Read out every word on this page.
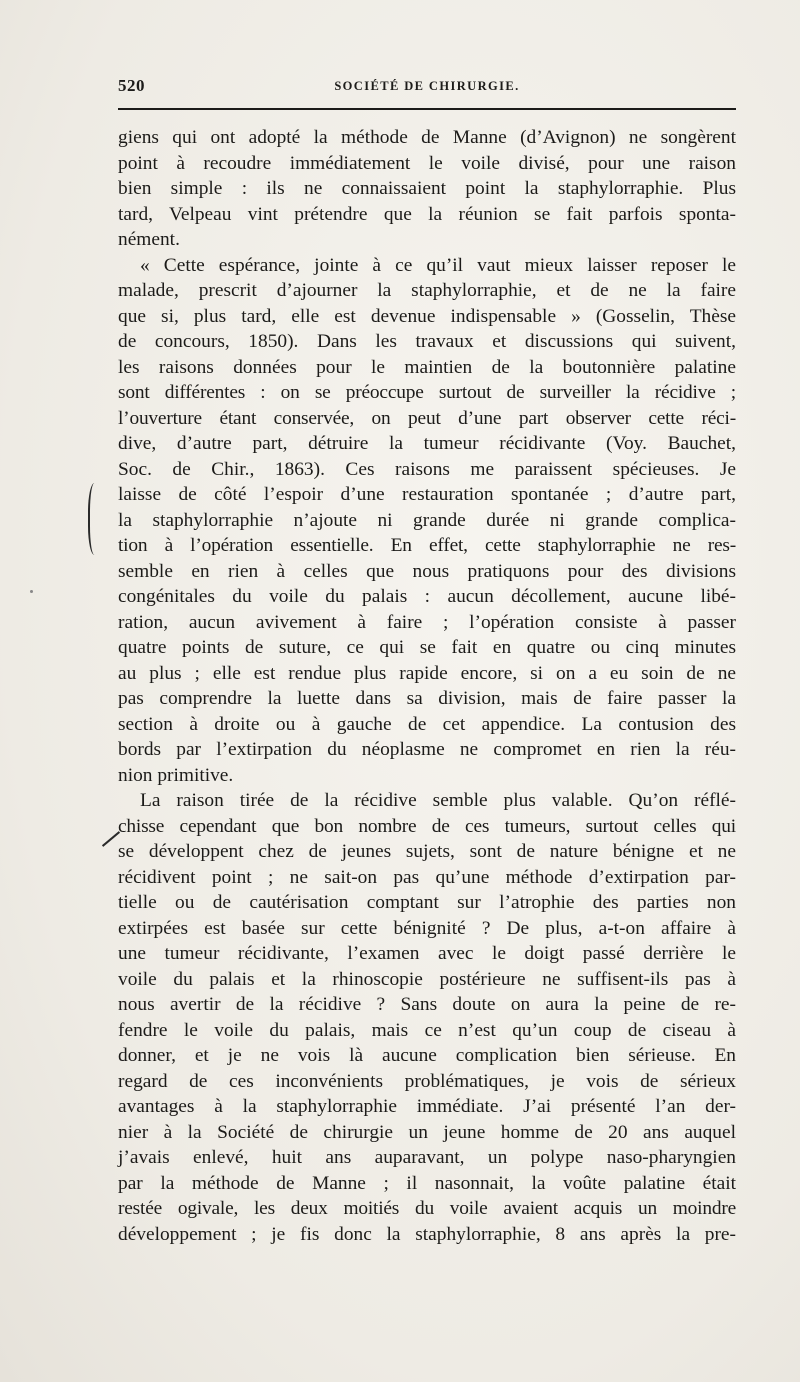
520	SOCIÉTÉ DE CHIRURGIE.
giens qui ont adopté la méthode de Manne (d’Avignon) ne songèrent
point à recoudre immédiatement le voile divisé, pour une raison
bien simple : ils ne connaissaient point la staphylorraphie. Plus
tard, Velpeau vint prétendre que la réunion se fait parfois sponta-
nément.
« Cette espérance, jointe à ce qu’il vaut mieux laisser reposer le
malade, prescrit d’ajourner la staphylorraphie, et de ne la faire
que si, plus tard, elle est devenue indispensable » (Gosselin, Thèse
de concours, 1850). Dans les travaux et discussions qui suivent,
les raisons données pour le maintien de la boutonnière palatine
sont différentes : on se préoccupe surtout de surveiller la récidive ;
l’ouverture étant conservée, on peut d’une part observer cette réci-
dive, d’autre part, détruire la tumeur récidivante (Voy. Bauchet,
Soc. de Chir., 1863). Ces raisons me paraissent spécieuses. Je
laisse de côté l’espoir d’une restauration spontanée ; d’autre part,
la staphylorraphie n’ajoute ni grande durée ni grande complica-
tion à l’opération essentielle. En effet, cette staphylorraphie ne res-
semble en rien à celles que nous pratiquons pour des divisions
congénitales du voile du palais : aucun décollement, aucune libé-
ration, aucun avivement à faire ; l’opération consiste à passer
quatre points de suture, ce qui se fait en quatre ou cinq minutes
au plus ; elle est rendue plus rapide encore, si on a eu soin de ne
pas comprendre la luette dans sa division, mais de faire passer la
section à droite ou à gauche de cet appendice. La contusion des
bords par l’extirpation du néoplasme ne compromet en rien la réu-
nion primitive.
La raison tirée de la récidive semble plus valable. Qu’on réflé-
chisse cependant que bon nombre de ces tumeurs, surtout celles qui
se développent chez de jeunes sujets, sont de nature bénigne et ne
récidivent point ; ne sait-on pas qu’une méthode d’extirpation par-
tielle ou de cautérisation comptant sur l’atrophie des parties non
extirpées est basée sur cette bénignité ? De plus, a-t-on affaire à
une tumeur récidivante, l’examen avec le doigt passé derrière le
voile du palais et la rhinoscopie postérieure ne suffisent-ils pas à
nous avertir de la récidive ? Sans doute on aura la peine de re-
fendre le voile du palais, mais ce n’est qu’un coup de ciseau à
donner, et je ne vois là aucune complication bien sérieuse. En
regard de ces inconvénients problématiques, je vois de sérieux
avantages à la staphylorraphie immédiate. J’ai présenté l’an der-
nier à la Société de chirurgie un jeune homme de 20 ans auquel
j’avais enlevé, huit ans auparavant, un polype naso-pharyngien
par la méthode de Manne ; il nasonnait, la voûte palatine était
restée ogivale, les deux moitiés du voile avaient acquis un moindre
développement ; je fis donc la staphylorraphie, 8 ans après la pre-
